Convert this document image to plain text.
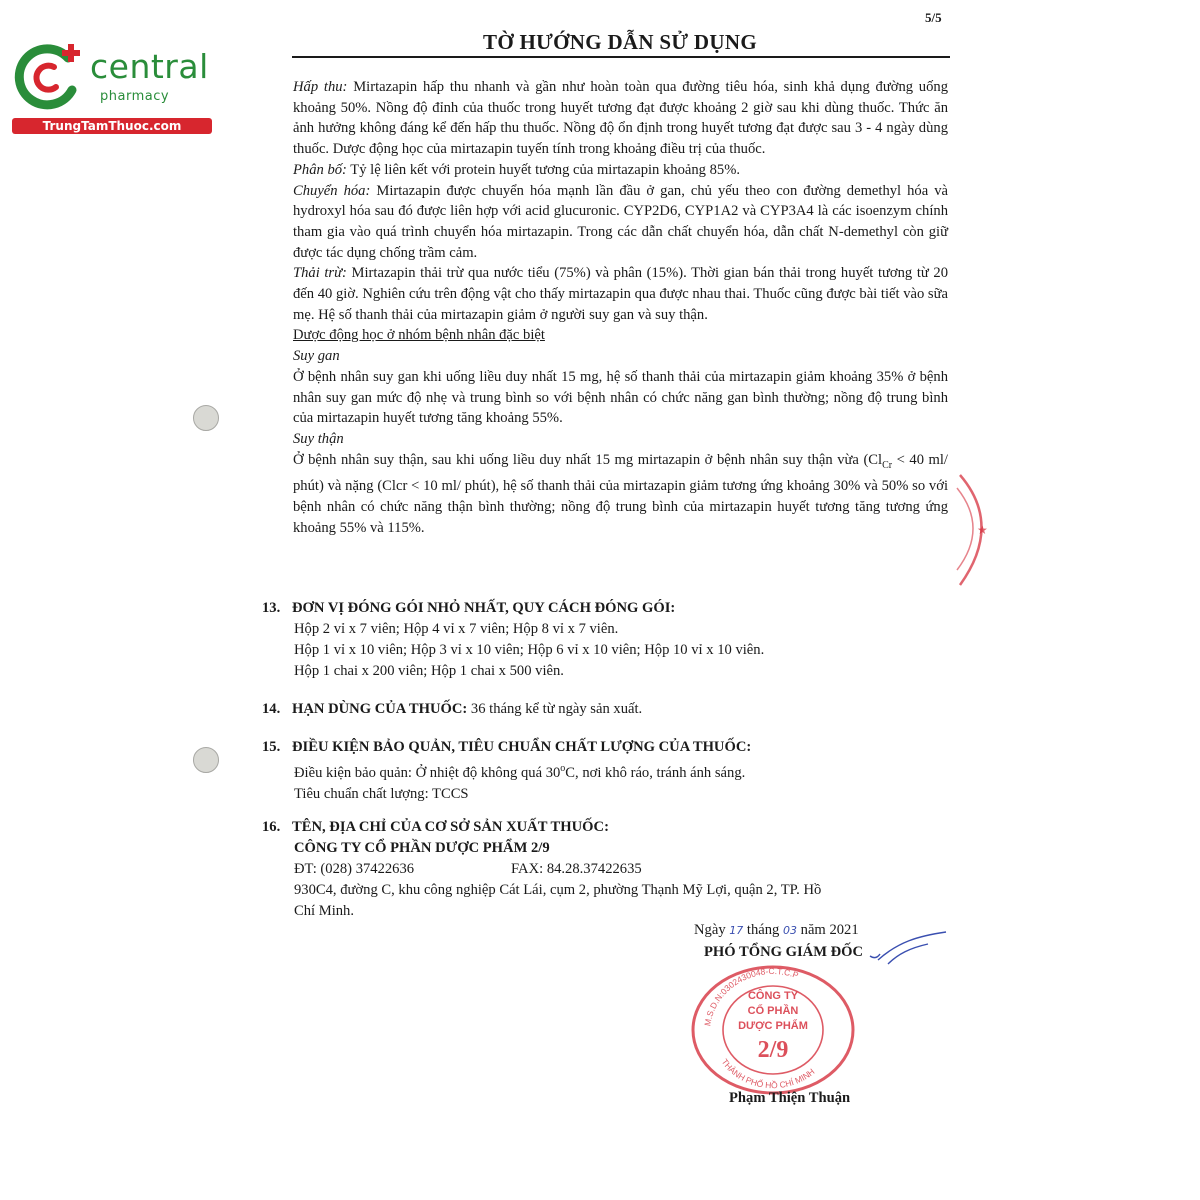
central
pharmacy
TrungTamThuoc.com
5/5
TỜ HƯỚNG DẪN SỬ DỤNG

Hấp thu: Mirtazapin hấp thu nhanh và gần như hoàn toàn qua đường tiêu hóa, sinh khả dụng đường uống khoảng 50%. Nồng độ đỉnh của thuốc trong huyết tương đạt được khoảng 2 giờ sau khi dùng thuốc. Thức ăn ảnh hưởng không đáng kể đến hấp thu thuốc. Nồng độ ổn định trong huyết tương đạt được sau 3 - 4 ngày dùng thuốc. Dược động học của mirtazapin tuyến tính trong khoảng điều trị của thuốc.

Phân bố: Tỷ lệ liên kết với protein huyết tương của mirtazapin khoảng 85%.

Chuyển hóa: Mirtazapin được chuyển hóa mạnh lần đầu ở gan, chủ yếu theo con đường demethyl hóa và hydroxyl hóa sau đó được liên hợp với acid glucuronic. CYP2D6, CYP1A2 và CYP3A4 là các isoenzym chính tham gia vào quá trình chuyển hóa mirtazapin. Trong các dẫn chất chuyển hóa, dẫn chất N-demethyl còn giữ được tác dụng chống trầm cảm.

Thải trừ: Mirtazapin thải trừ qua nước tiểu (75%) và phân (15%). Thời gian bán thải trong huyết tương từ 20 đến 40 giờ. Nghiên cứu trên động vật cho thấy mirtazapin qua được nhau thai. Thuốc cũng được bài tiết vào sữa mẹ. Hệ số thanh thải của mirtazapin giảm ở người suy gan và suy thận.

Dược động học ở nhóm bệnh nhân đặc biệt

Suy gan

Ở bệnh nhân suy gan khi uống liều duy nhất 15 mg, hệ số thanh thải của mirtazapin giảm khoảng 35% ở bệnh nhân suy gan mức độ nhẹ và trung bình so với bệnh nhân có chức năng gan bình thường; nồng độ trung bình của mirtazapin huyết tương tăng khoảng 55%.

Suy thận

Ở bệnh nhân suy thận, sau khi uống liều duy nhất 15 mg mirtazapin ở bệnh nhân suy thận vừa ($Cl_{Cr} < 40$ ml/ phút) và nặng (Clcr < 10 ml/ phút), hệ số thanh thải của mirtazapin giảm tương ứng khoảng 30% và 50% so với bệnh nhân có chức năng thận bình thường; nồng độ trung bình của mirtazapin huyết tương tăng tương ứng khoảng 55% và 115%.

13. ĐƠN VỊ ĐÓNG GÓI NHỎ NHẤT, QUY CÁCH ĐÓNG GÓI:

Hộp 2 vỉ x 7 viên; Hộp 4 vỉ x 7 viên; Hộp 8 vỉ x 7 viên.

Hộp 1 vỉ x 10 viên; Hộp 3 vỉ x 10 viên; Hộp 6 vỉ x 10 viên; Hộp 10 vỉ x 10 viên.

Hộp 1 chai x 200 viên; Hộp 1 chai x 500 viên.

14. HẠN DÙNG CỦA THUỐC: 36 tháng kể từ ngày sản xuất.

15. ĐIỀU KIỆN BẢO QUẢN, TIÊU CHUẨN CHẤT LƯỢNG CỦA THUỐC:

Điều kiện bảo quản: Ở nhiệt độ không quá 30$^o$C, nơi khô ráo, tránh ánh sáng.

Tiêu chuẩn chất lượng: TCCS

16. TÊN, ĐỊA CHỈ CỦA CƠ SỞ SẢN XUẤT THUỐC:

CÔNG TY CỔ PHẦN DƯỢC PHẨM 2/9

ĐT: (028) 37422636	FAX: 84.28.37422635

930C4, đường C, khu công nghiệp Cát Lái, cụm 2, phường Thạnh Mỹ Lợi, quận 2, TP. Hồ

Chí Minh.

★
Ngày 17 tháng 03 năm 2021
PHÓ TỔNG GIÁM ĐỐC
M.S.D.N:0302430048-C.T.C.P
THÀNH PHỐ HỒ CHÍ MINH
CÔNG TY
CỔ PHẦN
DƯỢC PHẨM
2/9
Phạm Thiện Thuận
